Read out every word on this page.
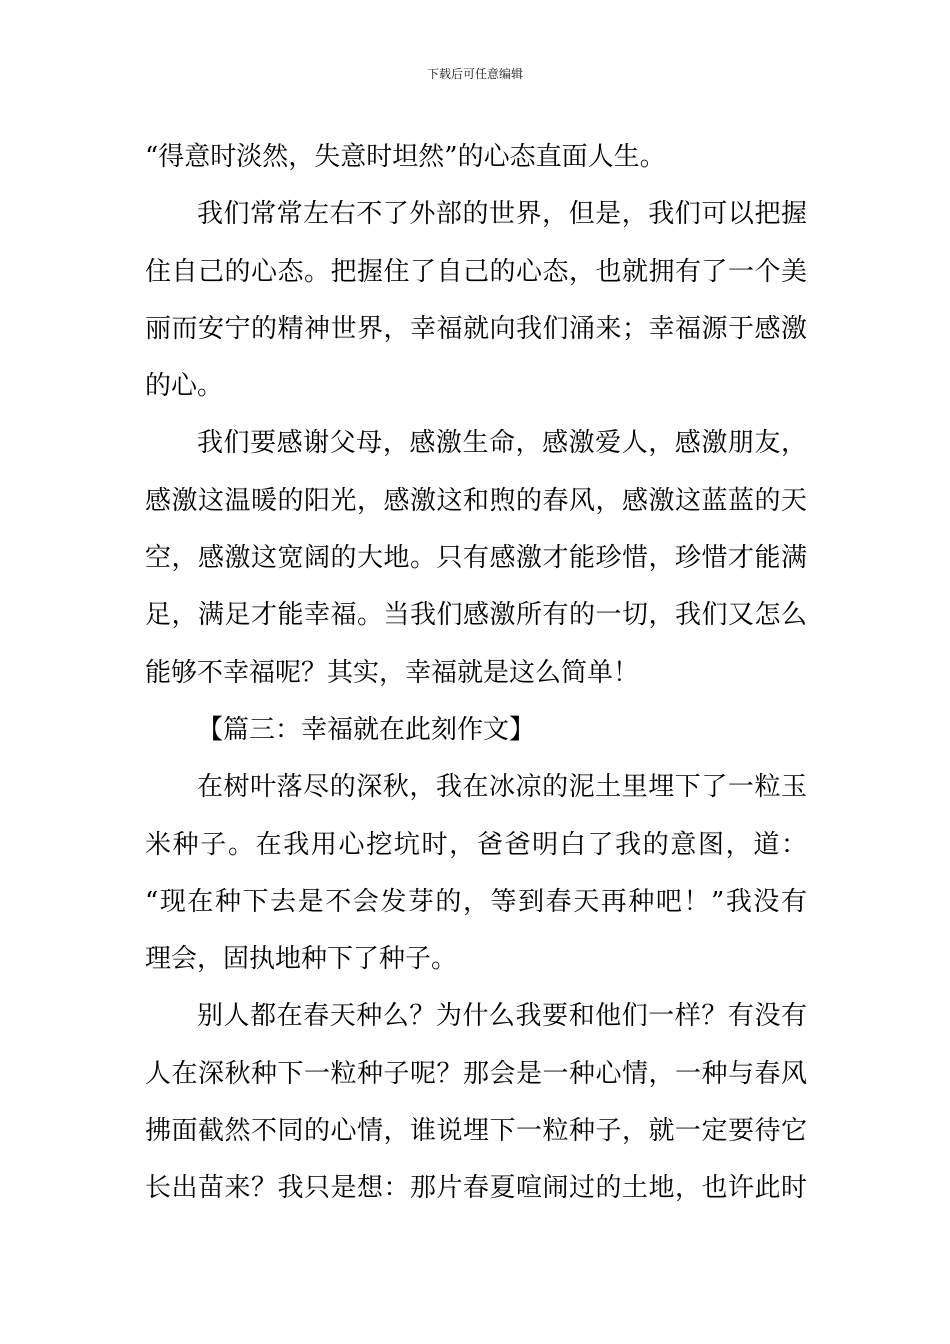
下载后可任意编辑
“得意时淡然，失意时坦然”的心态直面人生。
我们常常左右不了外部的世界，但是，我们可以把握
住自己的心态。把握住了自己的心态，也就拥有了一个美
丽而安宁的精神世界，幸福就向我们涌来；幸福源于感激
的心。
我们要感谢父母，感激生命，感激爱人，感激朋友，
感激这温暖的阳光，感激这和煦的春风，感激这蓝蓝的天
空，感激这宽阔的大地。只有感激才能珍惜，珍惜才能满
足，满足才能幸福。当我们感激所有的一切，我们又怎么
能够不幸福呢？其实，幸福就是这么简单！
【篇三：幸福就在此刻作文】
在树叶落尽的深秋，我在冰凉的泥土里埋下了一粒玉
米种子。在我用心挖坑时，爸爸明白了我的意图，道：
“现在种下去是不会发芽的，等到春天再种吧！”我没有
理会，固执地种下了种子。
别人都在春天种么？为什么我要和他们一样？有没有
人在深秋种下一粒种子呢？那会是一种心情，一种与春风
拂面截然不同的心情，谁说埋下一粒种子，就一定要待它
长出苗来？我只是想：那片春夏喧闹过的土地，也许此时
